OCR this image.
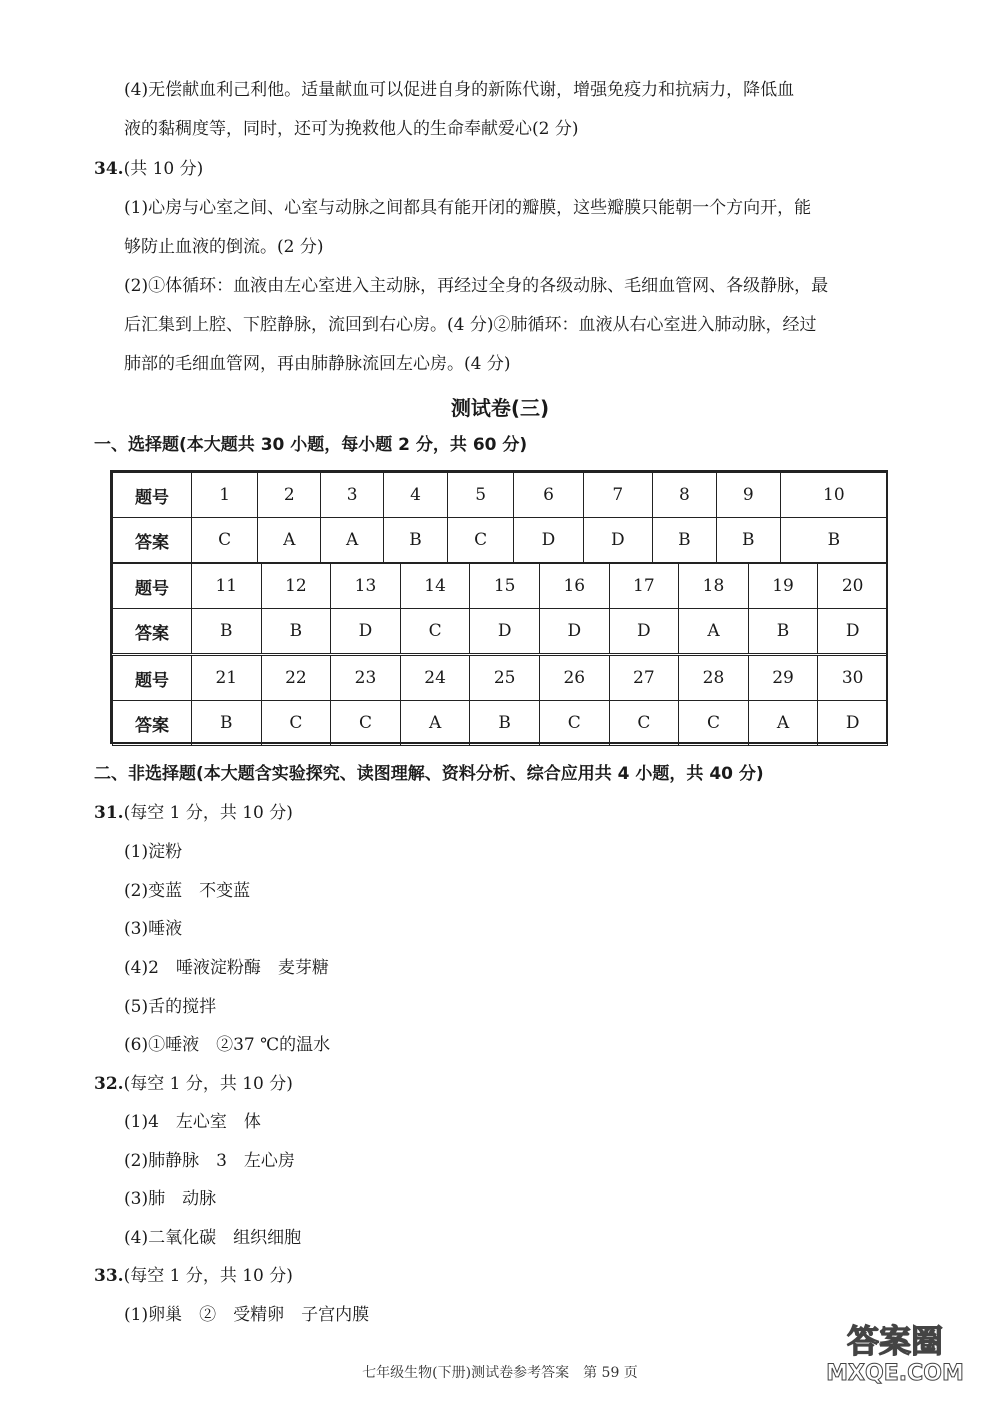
(4)无偿献血利己利他。适量献血可以促进自身的新陈代谢，增强免疫力和抗病力，降低血
液的黏稠度等，同时，还可为挽救他人的生命奉献爱心(2 分)
34.(共 10 分)
(1)心房与心室之间、心室与动脉之间都具有能开闭的瓣膜，这些瓣膜只能朝一个方向开，能
够防止血液的倒流。(2 分)
(2)①体循环：血液由左心室进入主动脉，再经过全身的各级动脉、毛细血管网、各级静脉，最
后汇集到上腔、下腔静脉，流回到右心房。(4 分)②肺循环：血液从右心室进入肺动脉，经过
肺部的毛细血管网，再由肺静脉流回左心房。(4 分)
测试卷(三)
一、选择题(本大题共 30 小题，每小题 2 分，共 60 分)
题号	1	2	3	4	5	6	7	8	9	10
答案	C	A	A	B	C	D	D	B	B	B
题号	11	12	13	14	15	16	17	18	19	20
答案	B	B	D	C	D	D	D	A	B	D
题号	21	22	23	24	25	26	27	28	29	30
答案	B	C	C	A	B	C	C	C	A	D
二、非选择题(本大题含实验探究、读图理解、资料分析、综合应用共 4 小题，共 40 分)
31.(每空 1 分，共 10 分)
(1)淀粉
(2)变蓝　不变蓝
(3)唾液
(4)2　唾液淀粉酶　麦芽糖
(5)舌的搅拌
(6)①唾液　②37 ℃的温水
32.(每空 1 分，共 10 分)
(1)4　左心室　体
(2)肺静脉　3　左心房
(3)肺　动脉
(4)二氧化碳　组织细胞
33.(每空 1 分，共 10 分)
(1)卵巢　②　受精卵　子宫内膜
七年级生物(下册)测试卷参考答案　第 59 页
答案圈
MXQE.COM
